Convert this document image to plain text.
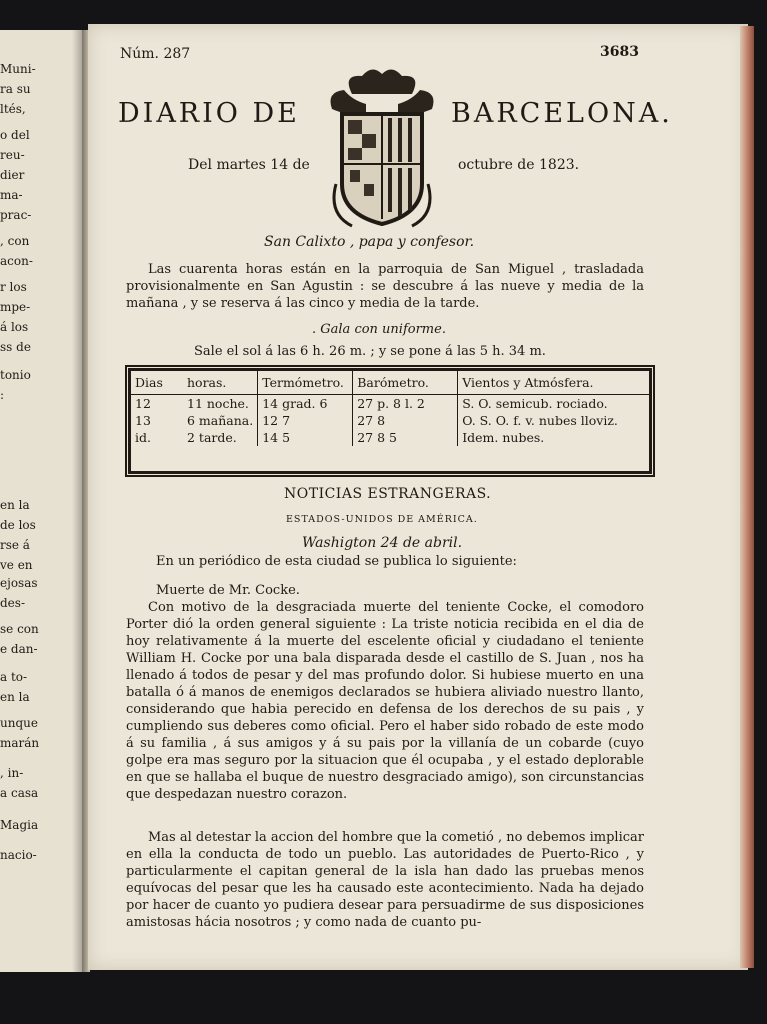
Muni-
ra su
ltés,
o del
reu-
dier
ma-
prac-
, con
acon-
r los
mpe-
á los
ss de
tonio
:
en la
de los
rse á
ve en
ejosas
des-
se con
e dan-
a to-
en la
unque
marán
, in-
a casa
Magia
nacio-
Núm. 287	3683
DIARIO DE	BARCELONA.
Del martes 14 de	octubre de 1823.
San Calixto , papa y confesor.
Las cuarenta horas están en la parroquia de San Miguel , trasladada provisionalmente en San Agustin : se descubre á las nueve y media de la mañana , y se reserva á las cinco y media de la tarde.
. Gala con uniforme.
Sale el sol á las 6 h. 26 m. ; y se pone á las 5 h. 34 m.
Dias	horas.	Termómetro.	Barómetro.	Vientos y Atmósfera.
12	11 noche.	14 grad. 6	27 p. 8 l. 2	S. O. semicub. rociado.
13	6 mañana.	12 7	27 8	O. S. O. f. v. nubes lloviz.
id.	2 tarde.	14 5	27 8 5	Idem. nubes.
NOTICIAS ESTRANGERAS.
ESTADOS-UNIDOS DE AMÉRICA.
Washigton 24 de abril.
En un periódico de esta ciudad se publica lo siguiente:
Muerte de Mr. Cocke.
Con motivo de la desgraciada muerte del teniente Cocke, el comodoro Porter dió la orden general siguiente : La triste noticia recibida en el dia de hoy relativamente á la muerte del escelente oficial y ciudadano el teniente William H. Cocke por una bala disparada desde el castillo de S. Juan , nos ha llenado á todos de pesar y del mas profundo dolor. Si hubiese muerto en una batalla ó á manos de enemigos declarados se hubiera aliviado nuestro llanto, considerando que habia perecido en defensa de los derechos de su pais , y cumpliendo sus deberes como oficial. Pero el haber sido robado de este modo á su familia , á sus amigos y á su pais por la villanía de un cobarde (cuyo golpe era mas seguro por la situacion que él ocupaba , y el estado deplorable en que se hallaba el buque de nuestro desgraciado amigo), son circunstancias que despedazan nuestro corazon.
Mas al detestar la accion del hombre que la cometió , no debemos implicar en ella la conducta de todo un pueblo. Las autoridades de Puerto-Rico , y particularmente el capitan general de la isla han dado las pruebas menos equívocas del pesar que les ha causado este acontecimiento. Nada ha dejado por hacer de cuanto yo pudiera desear para persuadirme de sus disposiciones amistosas hácia nosotros ; y como nada de cuanto pu-
